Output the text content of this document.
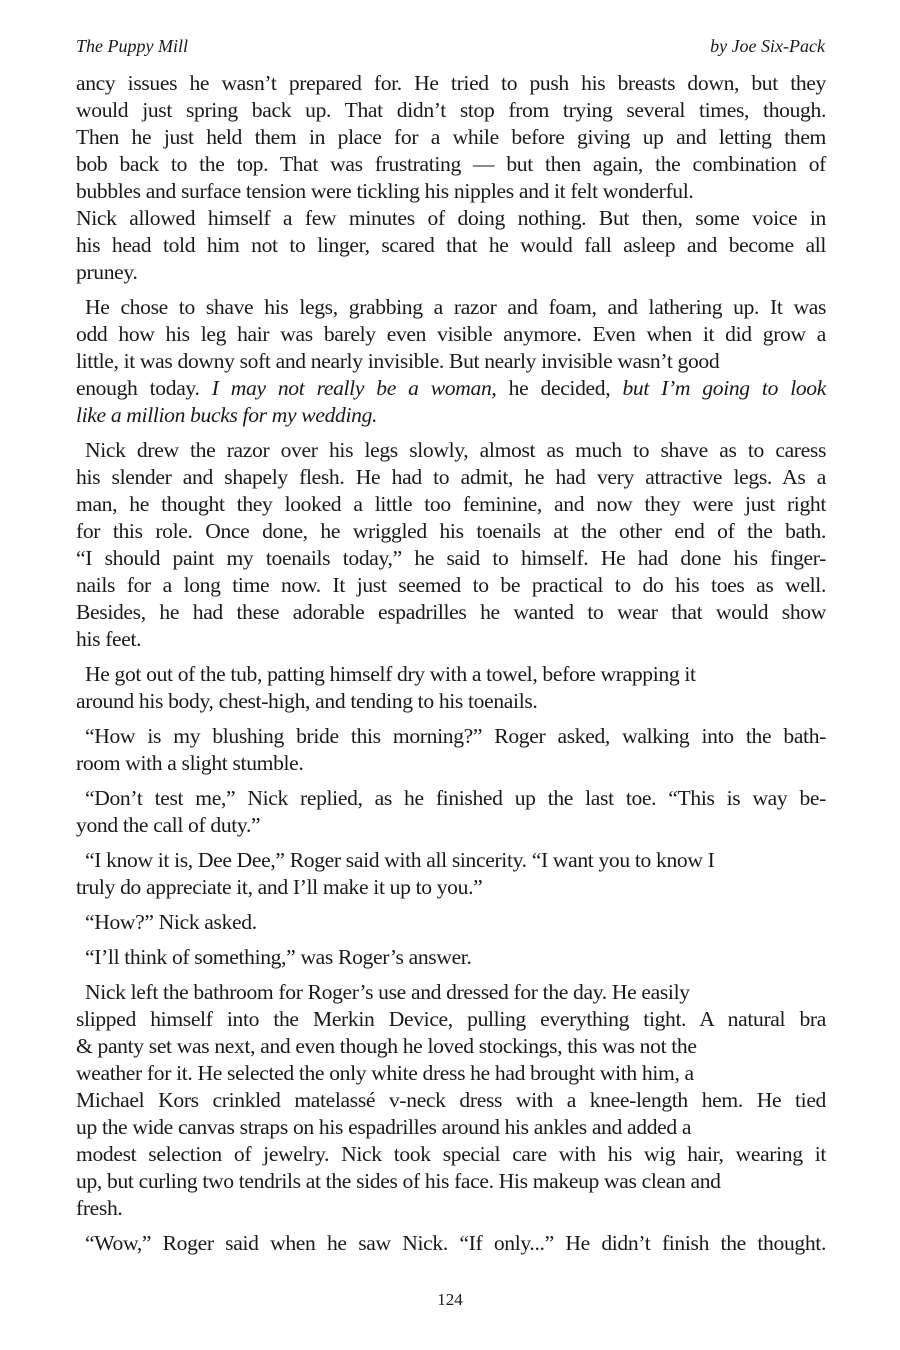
The Puppy Mill	by Joe Six-Pack
ancy issues he wasn’t prepared for. He tried to push his breasts down, but they
would just spring back up. That didn’t stop from trying several times, though.
Then he just held them in place for a while before giving up and letting them
bob back to the top. That was frustrating — but then again, the combination of
bubbles and surface tension were tickling his nipples and it felt wonderful.
Nick allowed himself a few minutes of doing nothing. But then, some voice in
his head told him not to linger, scared that he would fall asleep and become all
pruney.
He chose to shave his legs, grabbing a razor and foam, and lathering up. It was
odd how his leg hair was barely even visible anymore. Even when it did grow a
little, it was downy soft and nearly invisible. But nearly invisible wasn’t good
enough today. I may not really be a woman, he decided, but I’m going to look
like a million bucks for my wedding.
Nick drew the razor over his legs slowly, almost as much to shave as to caress
his slender and shapely flesh. He had to admit, he had very attractive legs. As a
man, he thought they looked a little too feminine, and now they were just right
for this role. Once done, he wriggled his toenails at the other end of the bath.
“I should paint my toenails today,” he said to himself. He had done his finger-
nails for a long time now. It just seemed to be practical to do his toes as well.
Besides, he had these adorable espadrilles he wanted to wear that would show
his feet.
He got out of the tub, patting himself dry with a towel, before wrapping it
around his body, chest-high, and tending to his toenails.
“How is my blushing bride this morning?” Roger asked, walking into the bath-
room with a slight stumble.
“Don’t test me,” Nick replied, as he finished up the last toe. “This is way be-
yond the call of duty.”
“I know it is, Dee Dee,” Roger said with all sincerity. “I want you to know I
truly do appreciate it, and I’ll make it up to you.”
“How?” Nick asked.
“I’ll think of something,” was Roger’s answer.
Nick left the bathroom for Roger’s use and dressed for the day. He easily
slipped himself into the Merkin Device, pulling everything tight. A natural bra
& panty set was next, and even though he loved stockings, this was not the
weather for it. He selected the only white dress he had brought with him, a
Michael Kors crinkled matelassé v-neck dress with a knee-length hem. He tied
up the wide canvas straps on his espadrilles around his ankles and added a
modest selection of jewelry. Nick took special care with his wig hair, wearing it
up, but curling two tendrils at the sides of his face. His makeup was clean and
fresh.
“Wow,” Roger said when he saw Nick. “If only...” He didn’t finish the thought.
124
